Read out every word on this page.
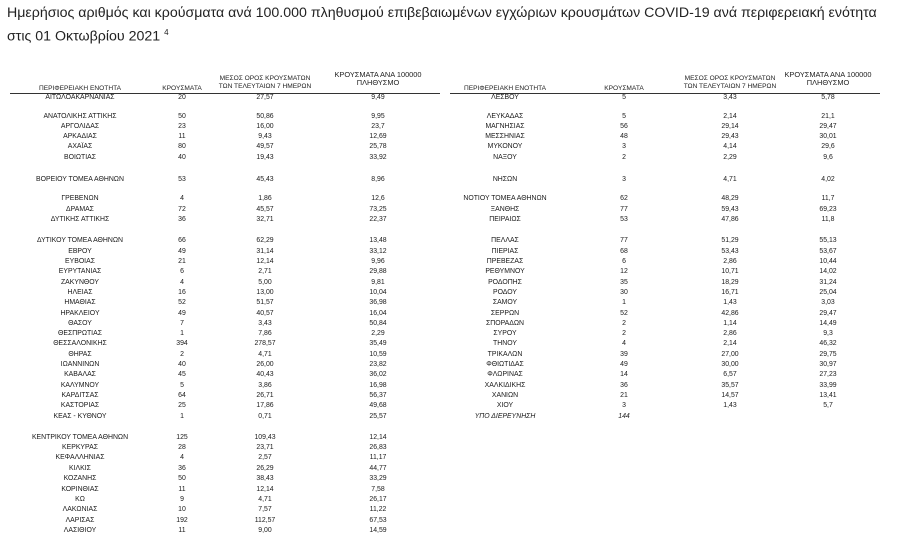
Ημερήσιος αριθμός και κρούσματα ανά 100.000 πληθυσμού επιβεβαιωμένων εγχώριων κρουσμάτων COVID-19 ανά περιφερειακή ενότητα στις 01 Οκτωβρίου 2021 $^4$
ΠΕΡΙΦΕΡΕΙΑΚΗ ΕΝΟΤΗΤΑ	ΚΡΟΥΣΜΑΤΑ
ΜΕΣΟΣ ΟΡΟΣ ΚΡΟΥΣΜΑΤΩΝ ΤΩΝ ΤΕΛΕΥΤΑΙΩΝ 7 ΗΜΕΡΩΝ
ΚΡΟΥΣΜΑΤΑ ΑΝΑ 100000 ΠΛΗΘΥΣΜΟ
ΑΙΤΩΛΟΑΚΑΡΝΑΝΙΑΣ	20	27,57	9,49
ΑΝΑΤΟΛΙΚΗΣ ΑΤΤΙΚΗΣ	50	50,86	9,95
ΑΡΓΟΛΙΔΑΣ	23	16,00	23,7
ΑΡΚΑΔΙΑΣ	11	9,43	12,69
ΑΧΑΪΑΣ	80	49,57	25,78
ΒΟΙΩΤΙΑΣ	40	19,43	33,92
ΒΟΡΕΙΟΥ ΤΟΜΕΑ ΑΘΗΝΩΝ	53	45,43	8,96
ΓΡΕΒΕΝΩΝ	4	1,86	12,6
ΔΡΑΜΑΣ	72	45,57	73,25
ΔΥΤΙΚΗΣ ΑΤΤΙΚΗΣ	36	32,71	22,37
ΔΥΤΙΚΟΥ ΤΟΜΕΑ ΑΘΗΝΩΝ	66	62,29	13,48
ΕΒΡΟΥ	49	31,14	33,12
ΕΥΒΟΙΑΣ	21	12,14	9,96
ΕΥΡΥΤΑΝΙΑΣ	6	2,71	29,88
ΖΑΚΥΝΘΟΥ	4	5,00	9,81
ΗΛΕΙΑΣ	16	13,00	10,04
ΗΜΑΘΙΑΣ	52	51,57	36,98
ΗΡΑΚΛΕΙΟΥ	49	40,57	16,04
ΘΑΣΟΥ	7	3,43	50,84
ΘΕΣΠΡΩΤΙΑΣ	1	7,86	2,29
ΘΕΣΣΑΛΟΝΙΚΗΣ	394	278,57	35,49
ΘΗΡΑΣ	2	4,71	10,59
ΙΩΑΝΝΙΝΩΝ	40	26,00	23,82
ΚΑΒΑΛΑΣ	45	40,43	36,02
ΚΑΛΥΜΝΟΥ	5	3,86	16,98
ΚΑΡΔΙΤΣΑΣ	64	26,71	56,37
ΚΑΣΤΟΡΙΑΣ	25	17,86	49,68
ΚΕΑΣ - ΚΥΘΝΟΥ	1	0,71	25,57
ΚΕΝΤΡΙΚΟΥ ΤΟΜΕΑ ΑΘΗΝΩΝ	125	109,43	12,14
ΚΕΡΚΥΡΑΣ	28	23,71	26,83
ΚΕΦΑΛΛΗΝΙΑΣ	4	2,57	11,17
ΚΙΛΚΙΣ	36	26,29	44,77
ΚΟΖΑΝΗΣ	50	38,43	33,29
ΚΟΡΙΝΘΙΑΣ	11	12,14	7,58
ΚΩ	9	4,71	26,17
ΛΑΚΩΝΙΑΣ	10	7,57	11,22
ΛΑΡΙΣΑΣ	192	112,57	67,53
ΛΑΣΙΘΙΟΥ	11	9,00	14,59
ΠΕΡΙΦΕΡΕΙΑΚΗ ΕΝΟΤΗΤΑ	ΚΡΟΥΣΜΑΤΑ
ΜΕΣΟΣ ΟΡΟΣ ΚΡΟΥΣΜΑΤΩΝ ΤΩΝ ΤΕΛΕΥΤΑΙΩΝ 7 ΗΜΕΡΩΝ
ΚΡΟΥΣΜΑΤΑ ΑΝΑ 100000 ΠΛΗΘΥΣΜΟ
ΛΕΣΒΟΥ	5	3,43	5,78
ΛΕΥΚΑΔΑΣ	5	2,14	21,1
ΜΑΓΝΗΣΙΑΣ	56	29,14	29,47
ΜΕΣΣΗΝΙΑΣ	48	29,43	30,01
ΜΥΚΟΝΟΥ	3	4,14	29,6
ΝΑΞΟΥ	2	2,29	9,6
ΝΗΣΩΝ	3	4,71	4,02
ΝΟΤΙΟΥ ΤΟΜΕΑ ΑΘΗΝΩΝ	62	48,29	11,7
ΞΑΝΘΗΣ	77	59,43	69,23
ΠΕΙΡΑΙΩΣ	53	47,86	11,8
ΠΕΛΛΑΣ	77	51,29	55,13
ΠΙΕΡΙΑΣ	68	53,43	53,67
ΠΡΕΒΕΖΑΣ	6	2,86	10,44
ΡΕΘΥΜΝΟΥ	12	10,71	14,02
ΡΟΔΟΠΗΣ	35	18,29	31,24
ΡΟΔΟΥ	30	16,71	25,04
ΣΑΜΟΥ	1	1,43	3,03
ΣΕΡΡΩΝ	52	42,86	29,47
ΣΠΟΡΑΔΩΝ	2	1,14	14,49
ΣΥΡΟΥ	2	2,86	9,3
ΤΗΝΟΥ	4	2,14	46,32
ΤΡΙΚΑΛΩΝ	39	27,00	29,75
ΦΘΙΩΤΙΔΑΣ	49	30,00	30,97
ΦΛΩΡΙΝΑΣ	14	6,57	27,23
ΧΑΛΚΙΔΙΚΗΣ	36	35,57	33,99
ΧΑΝΙΩΝ	21	14,57	13,41
ΧΙΟΥ	3	1,43	5,7
ΥΠΟ ΔΙΕΡΕΥΝΗΣΗ	144
